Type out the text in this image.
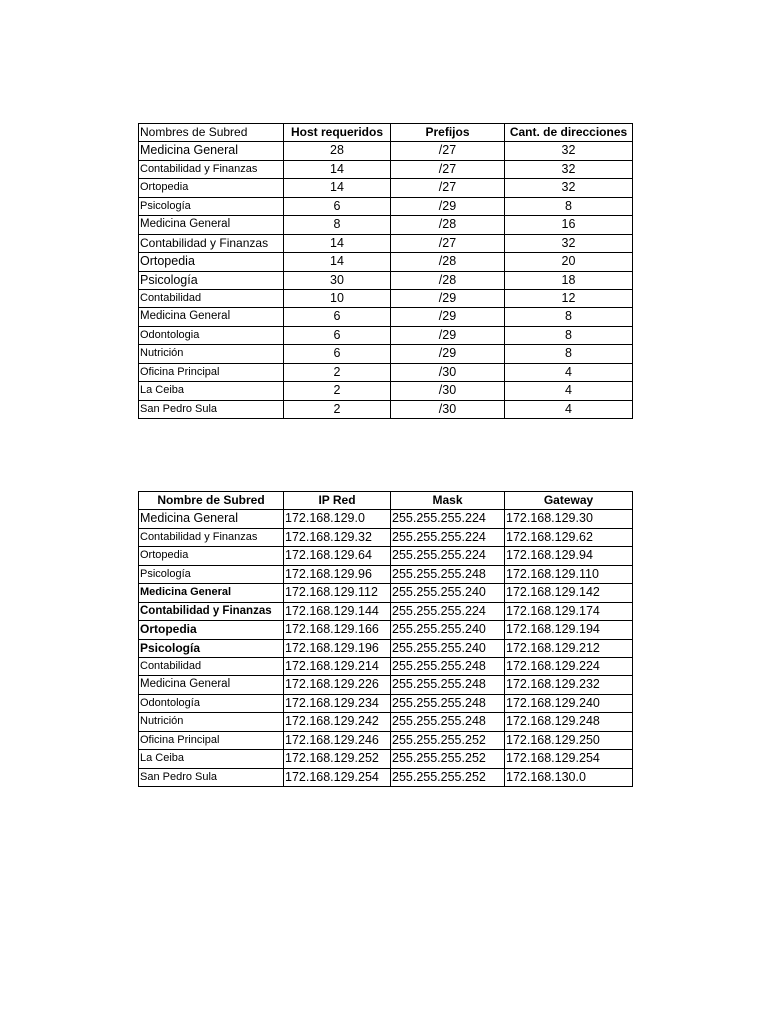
Nombres de Subred	Host requeridos	Prefijos	Cant. de direcciones
Medicina General	28	/27	32
Contabilidad y Finanzas	14	/27	32
Ortopedia	14	/27	32
Psicología	6	/29	8
Medicina General	8	/28	16
Contabilidad y Finanzas	14	/27	32
Ortopedia	14	/28	20
Psicología	30	/28	18
Contabilidad	10	/29	12
Medicina General	6	/29	8
Odontologia	6	/29	8
Nutrición	6	/29	8
Oficina Principal	2	/30	4
La Ceiba	2	/30	4
San Pedro Sula	2	/30	4
Nombre de Subred	IP Red	Mask	Gateway
Medicina General	172.168.129.0	255.255.255.224	172.168.129.30
Contabilidad y Finanzas	172.168.129.32	255.255.255.224	172.168.129.62
Ortopedia	172.168.129.64	255.255.255.224	172.168.129.94
Psicología	172.168.129.96	255.255.255.248	172.168.129.110
Medicina General	172.168.129.112	255.255.255.240	172.168.129.142
Contabilidad y Finanzas	172.168.129.144	255.255.255.224	172.168.129.174
Ortopedia	172.168.129.166	255.255.255.240	172.168.129.194
Psicología	172.168.129.196	255.255.255.240	172.168.129.212
Contabilidad	172.168.129.214	255.255.255.248	172.168.129.224
Medicina General	172.168.129.226	255.255.255.248	172.168.129.232
Odontología	172.168.129.234	255.255.255.248	172.168.129.240
Nutrición	172.168.129.242	255.255.255.248	172.168.129.248
Oficina Principal	172.168.129.246	255.255.255.252	172.168.129.250
La Ceiba	172.168.129.252	255.255.255.252	172.168.129.254
San Pedro Sula	172.168.129.254	255.255.255.252	172.168.130.0
